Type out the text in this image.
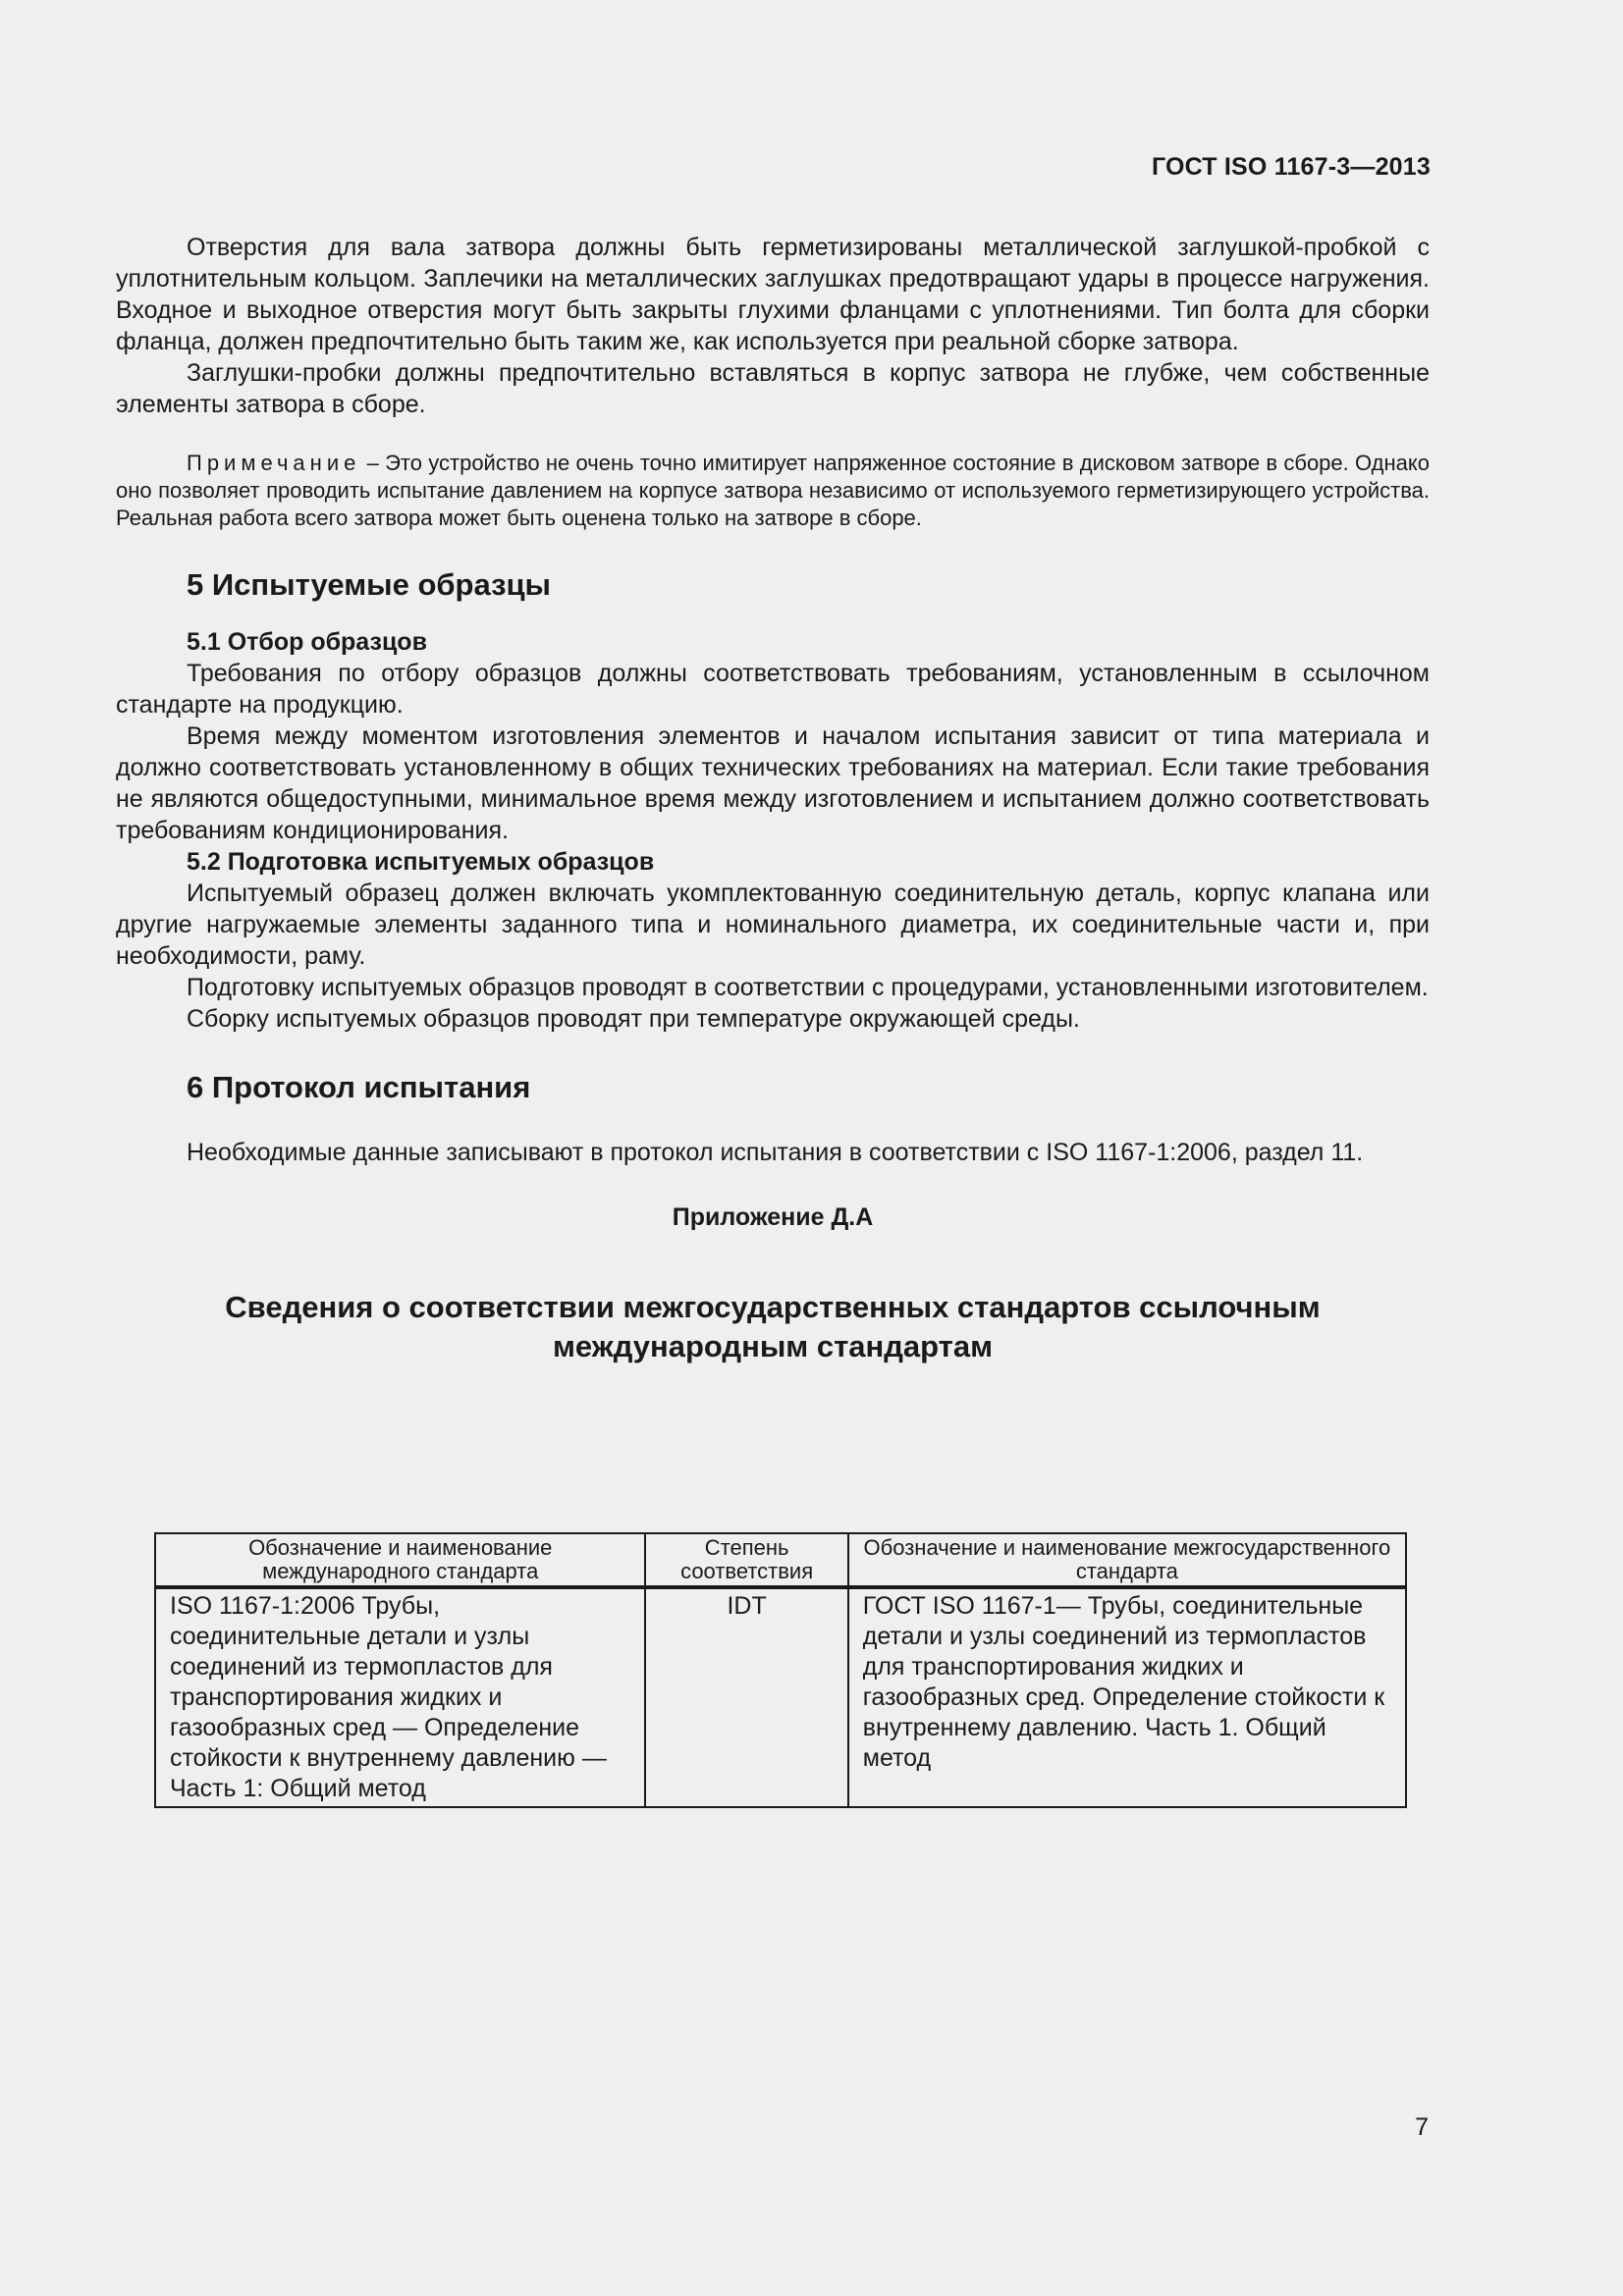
ГОСТ ISO 1167-3—2013

Отверстия для вала затвора должны быть герметизированы металлической заглушкой-пробкой с уплотнительным кольцом. Заплечики на металлических заглушках предотвращают удары в процессе нагружения. Входное и выходное отверстия могут быть закрыты глухими фланцами с уплотнениями. Тип болта для сборки фланца, должен предпочтительно быть таким же, как используется при реальной сборке затвора.

Заглушки-пробки должны предпочтительно вставляться в корпус затвора не глубже, чем собственные элементы затвора в сборе.

Примечание – Это устройство не очень точно имитирует напряженное состояние в дисковом затворе в сборе. Однако оно позволяет проводить испытание давлением на корпусе затвора независимо от используемого герметизирующего устройства. Реальная работа всего затвора может быть оценена только на затворе в сборе.

5 Испытуемые образцы
5.1 Отбор образцов

Требования по отбору образцов должны соответствовать требованиям, установленным в ссылочном стандарте на продукцию.

Время между моментом изготовления элементов и началом испытания зависит от типа материала и должно соответствовать установленному в общих технических требованиях на материал. Если такие требования не являются общедоступными, минимальное время между изготовлением и испытанием должно соответствовать требованиям кондиционирования.

5.2 Подготовка испытуемых образцов

Испытуемый образец должен включать укомплектованную соединительную деталь, корпус клапана или другие нагружаемые элементы заданного типа и номинального диаметра, их соединительные части и, при необходимости, раму.

Подготовку испытуемых образцов проводят в соответствии с процедурами, установленными изготовителем.

Сборку испытуемых образцов проводят при температуре окружающей среды.

6 Протокол испытания

Необходимые данные записывают в протокол испытания в соответствии с ISO 1167-1:2006, раздел 11.

Приложение Д.А
Сведения о соответствии межгосударственных стандартов ссылочным международным стандартам
Обозначение и наименование международного стандарта	Степень соответствия	Обозначение и наименование межгосударственного стандарта
ISO 1167-1:2006 Трубы, соединительные детали и узлы соединений из термопластов для транспортирования жидких и газообразных сред — Определение стойкости к внутреннему давлению — Часть 1: Общий метод	IDT	ГОСТ ISO 1167-1— Трубы, соединительные детали и узлы соединений из термопластов для транспортирования жидких и газообразных сред. Определение стойкости к внутреннему давлению. Часть 1. Общий метод
7
